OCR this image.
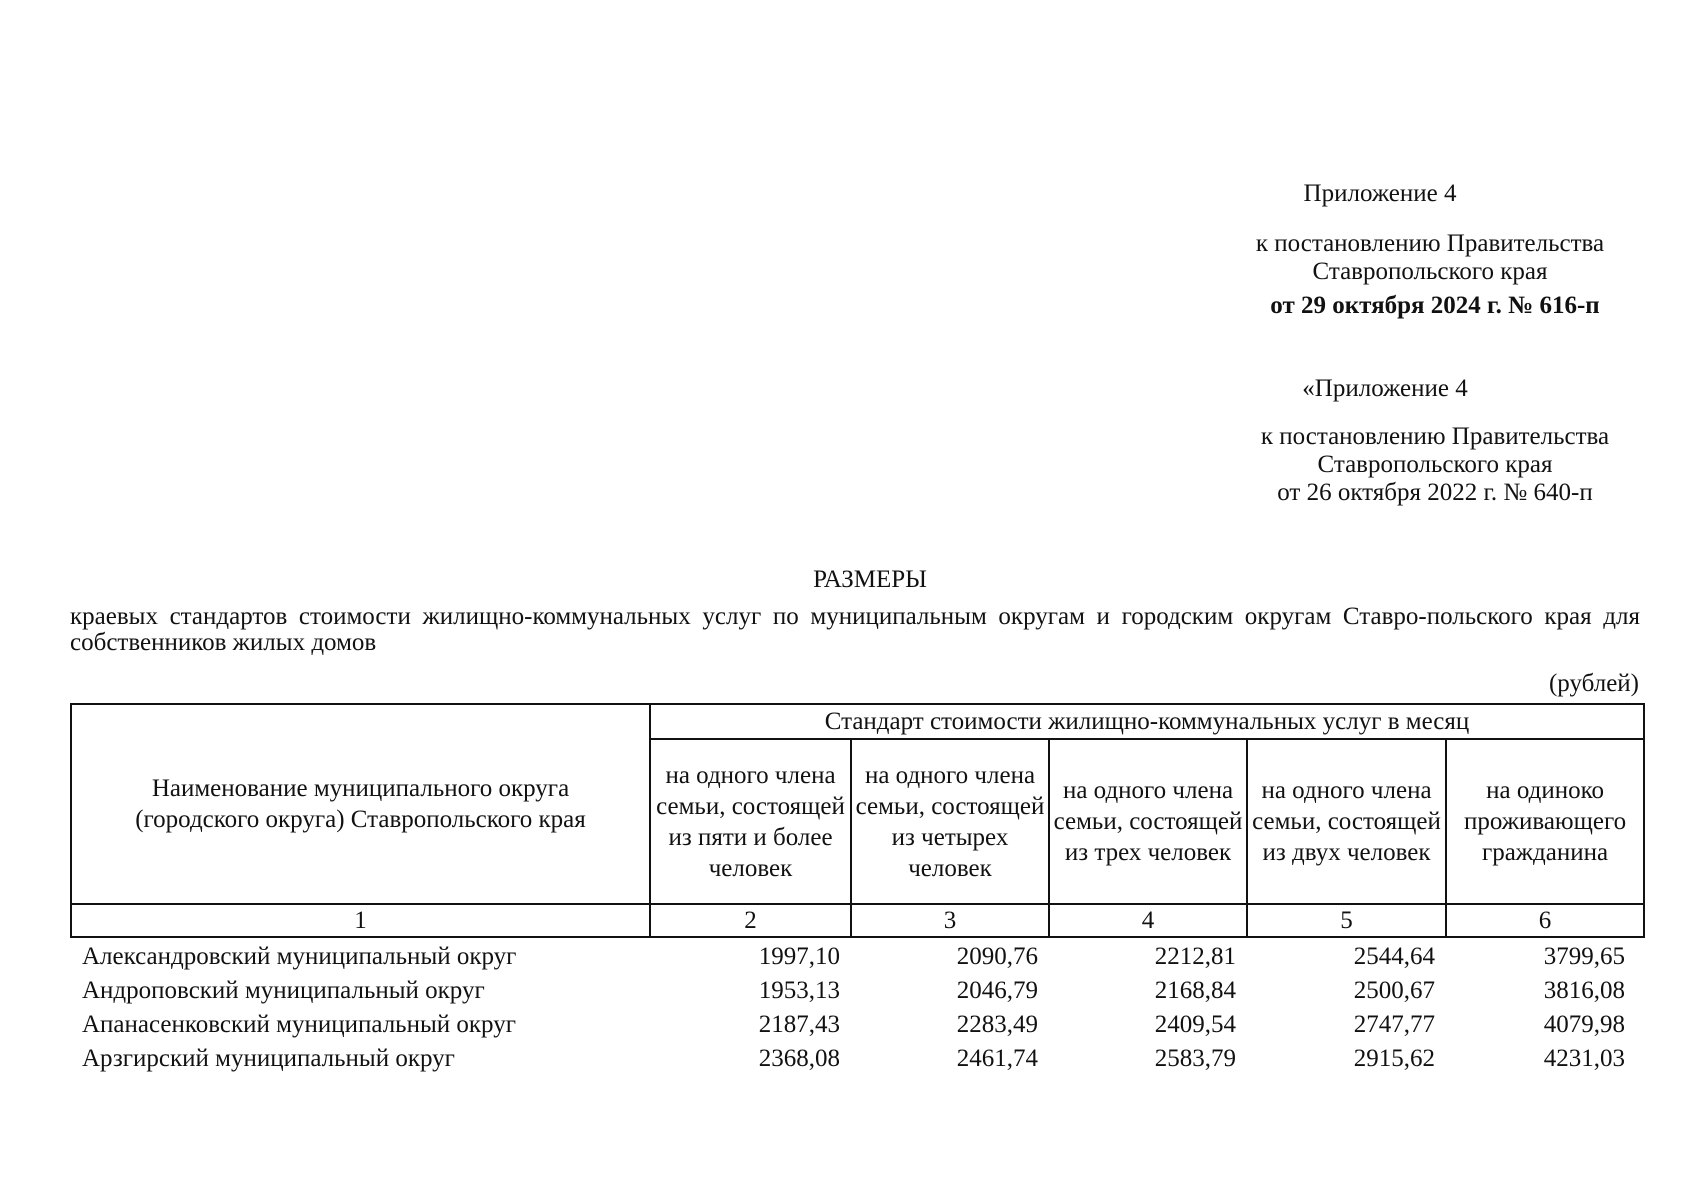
Приложение 4
к постановлению Правительства
Ставропольского края
от 29 октября 2024 г. № 616-п
«Приложение 4
к постановлению Правительства
Ставропольского края
от 26 октября 2022 г. № 640-п
РАЗМЕРЫ
краевых стандартов стоимости жилищно-коммунальных услуг по муниципальным округам и городским округам Ставро-польского края для собственников жилых домов
(рублей)
Наименование муниципального округа (городского округа) Ставропольского края	Стандарт стоимости жилищно-коммунальных услуг в месяц				
	на одного члена семьи, состоящей из пяти и более человек	на одного члена семьи, состоящей из четырех человек	на одного члена семьи, состоящей из трех человек	на одного члена семьи, состоящей из двух человек	на одиноко проживающего гражданина
1	2	3	4	5	6
Александровский муниципальный округ	1997,10	2090,76	2212,81	2544,64	3799,65
Андроповский муниципальный округ	1953,13	2046,79	2168,84	2500,67	3816,08
Апанасенковский муниципальный округ	2187,43	2283,49	2409,54	2747,77	4079,98
Арзгирский муниципальный округ	2368,08	2461,74	2583,79	2915,62	4231,03
